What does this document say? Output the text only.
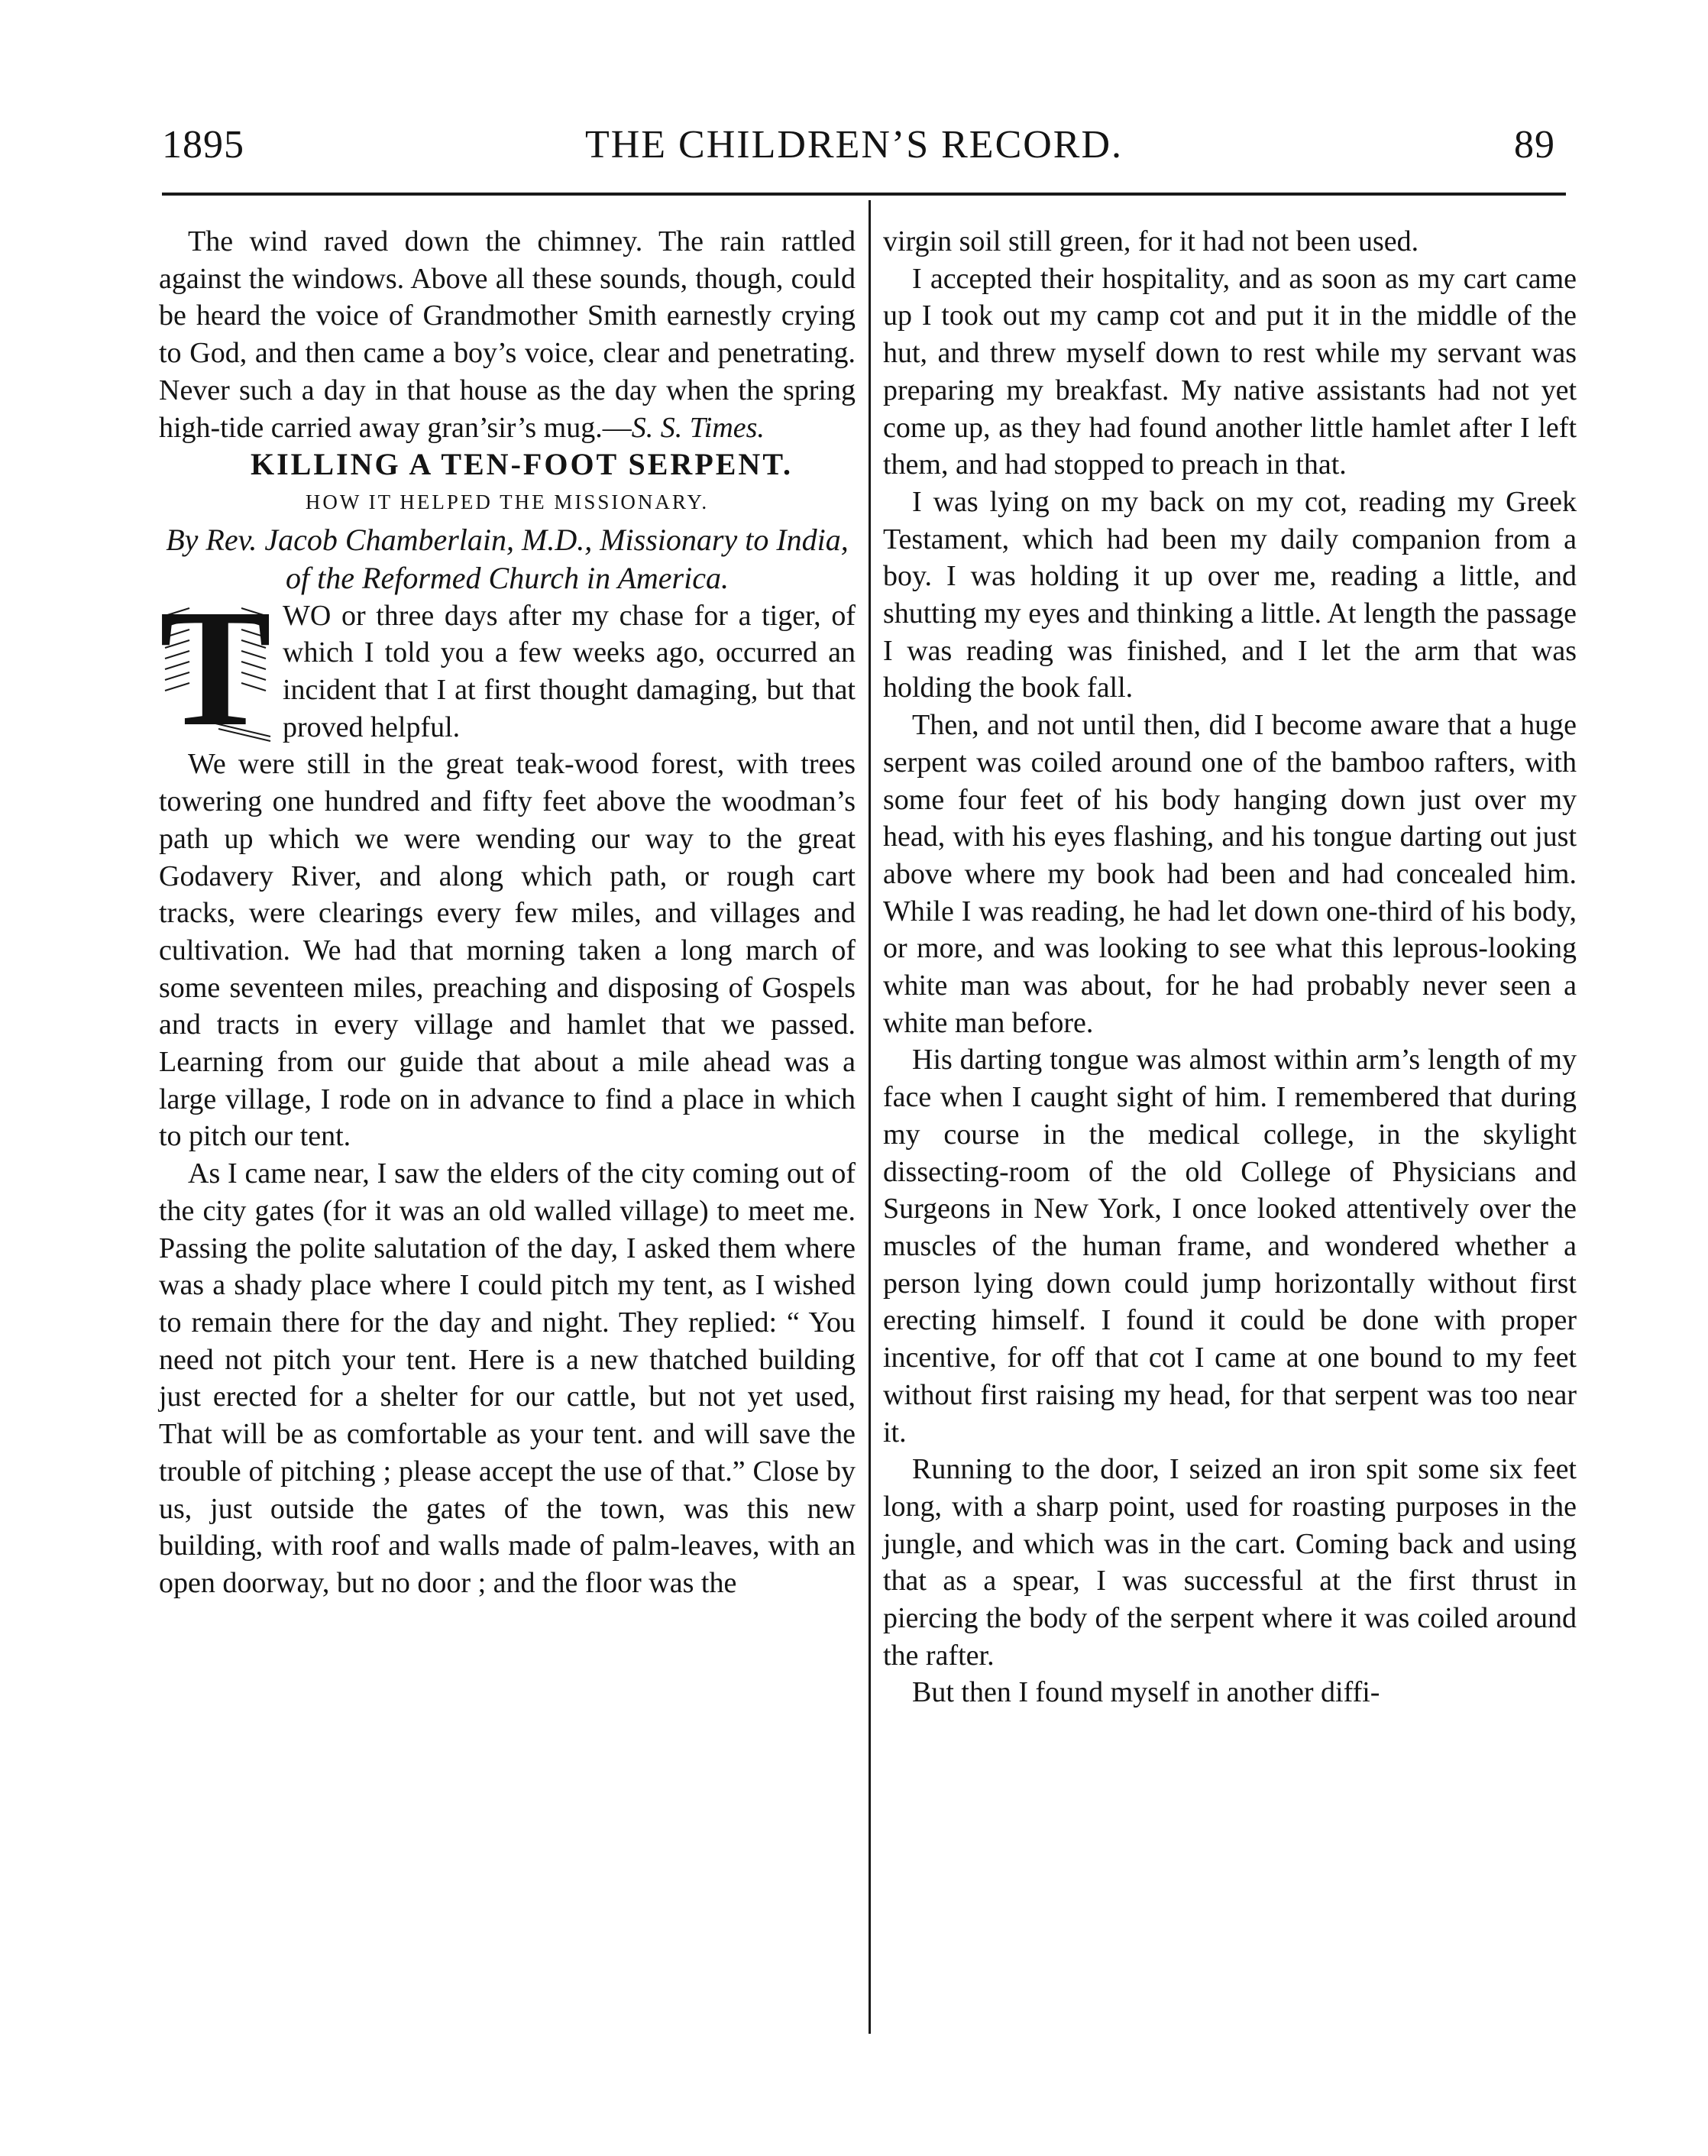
1895	THE CHILDREN’S RECORD.	89

The wind raved down the chimney. The rain rattled against the windows. Above all these sounds, though, could be heard the voice of Grandmother Smith earnestly crying to God, and then came a boy’s voice, clear and penetrating. Never such a day in that house as the day when the spring high-tide carried away gran’sir’s mug.—S. S. Times.

KILLING A TEN-FOOT SERPENT.

HOW IT HELPED THE MISSIONARY.

By Rev. Jacob Chamberlain, M.D., Missionary to India, of the Reformed Church in America.

T WO or three days after my chase for a tiger, of which I told you a few weeks ago, occurred an incident that I at first thought damaging, but that proved helpful.

We were still in the great teak-wood forest, with trees towering one hundred and fifty feet above the woodman’s path up which we were wending our way to the great Godavery River, and along which path, or rough cart tracks, were clearings every few miles, and villages and cultivation. We had that morning taken a long march of some seventeen miles, preaching and disposing of Gospels and tracts in every village and hamlet that we passed. Learning from our guide that about a mile ahead was a large village, I rode on in advance to find a place in which to pitch our tent.

As I came near, I saw the elders of the city coming out of the city gates (for it was an old walled village) to meet me. Passing the polite salutation of the day, I asked them where was a shady place where I could pitch my tent, as I wished to remain there for the day and night. They replied: “ You need not pitch your tent. Here is a new thatched building just erected for a shelter for our cattle, but not yet used, That will be as comfortable as your tent. and will save the trouble of pitching ; please accept the use of that.” Close by us, just outside the gates of the town, was this new building, with roof and walls made of palm-leaves, with an open doorway, but no door ; and the floor was the

virgin soil still green, for it had not been used.

I accepted their hospitality, and as soon as my cart came up I took out my camp cot and put it in the middle of the hut, and threw myself down to rest while my servant was preparing my breakfast. My native assistants had not yet come up, as they had found another little hamlet after I left them, and had stopped to preach in that.

I was lying on my back on my cot, reading my Greek Testament, which had been my daily companion from a boy. I was holding it up over me, reading a little, and shutting my eyes and thinking a little. At length the passage I was reading was finished, and I let the arm that was holding the book fall.

Then, and not until then, did I become aware that a huge serpent was coiled around one of the bamboo rafters, with some four feet of his body hanging down just over my head, with his eyes flashing, and his tongue darting out just above where my book had been and had concealed him. While I was reading, he had let down one-third of his body, or more, and was looking to see what this leprous-looking white man was about, for he had probably never seen a white man before.

His darting tongue was almost within arm’s length of my face when I caught sight of him. I remembered that during my course in the medical college, in the skylight dissecting-room of the old College of Physicians and Surgeons in New York, I once looked attentively over the muscles of the human frame, and wondered whether a person lying down could jump horizontally without first erecting himself. I found it could be done with proper incentive, for off that cot I came at one bound to my feet without first raising my head, for that serpent was too near it.

Running to the door, I seized an iron spit some six feet long, with a sharp point, used for roasting purposes in the jungle, and which was in the cart. Coming back and using that as a spear, I was successful at the first thrust in piercing the body of the serpent where it was coiled around the rafter.

But then I found myself in another diffi-
